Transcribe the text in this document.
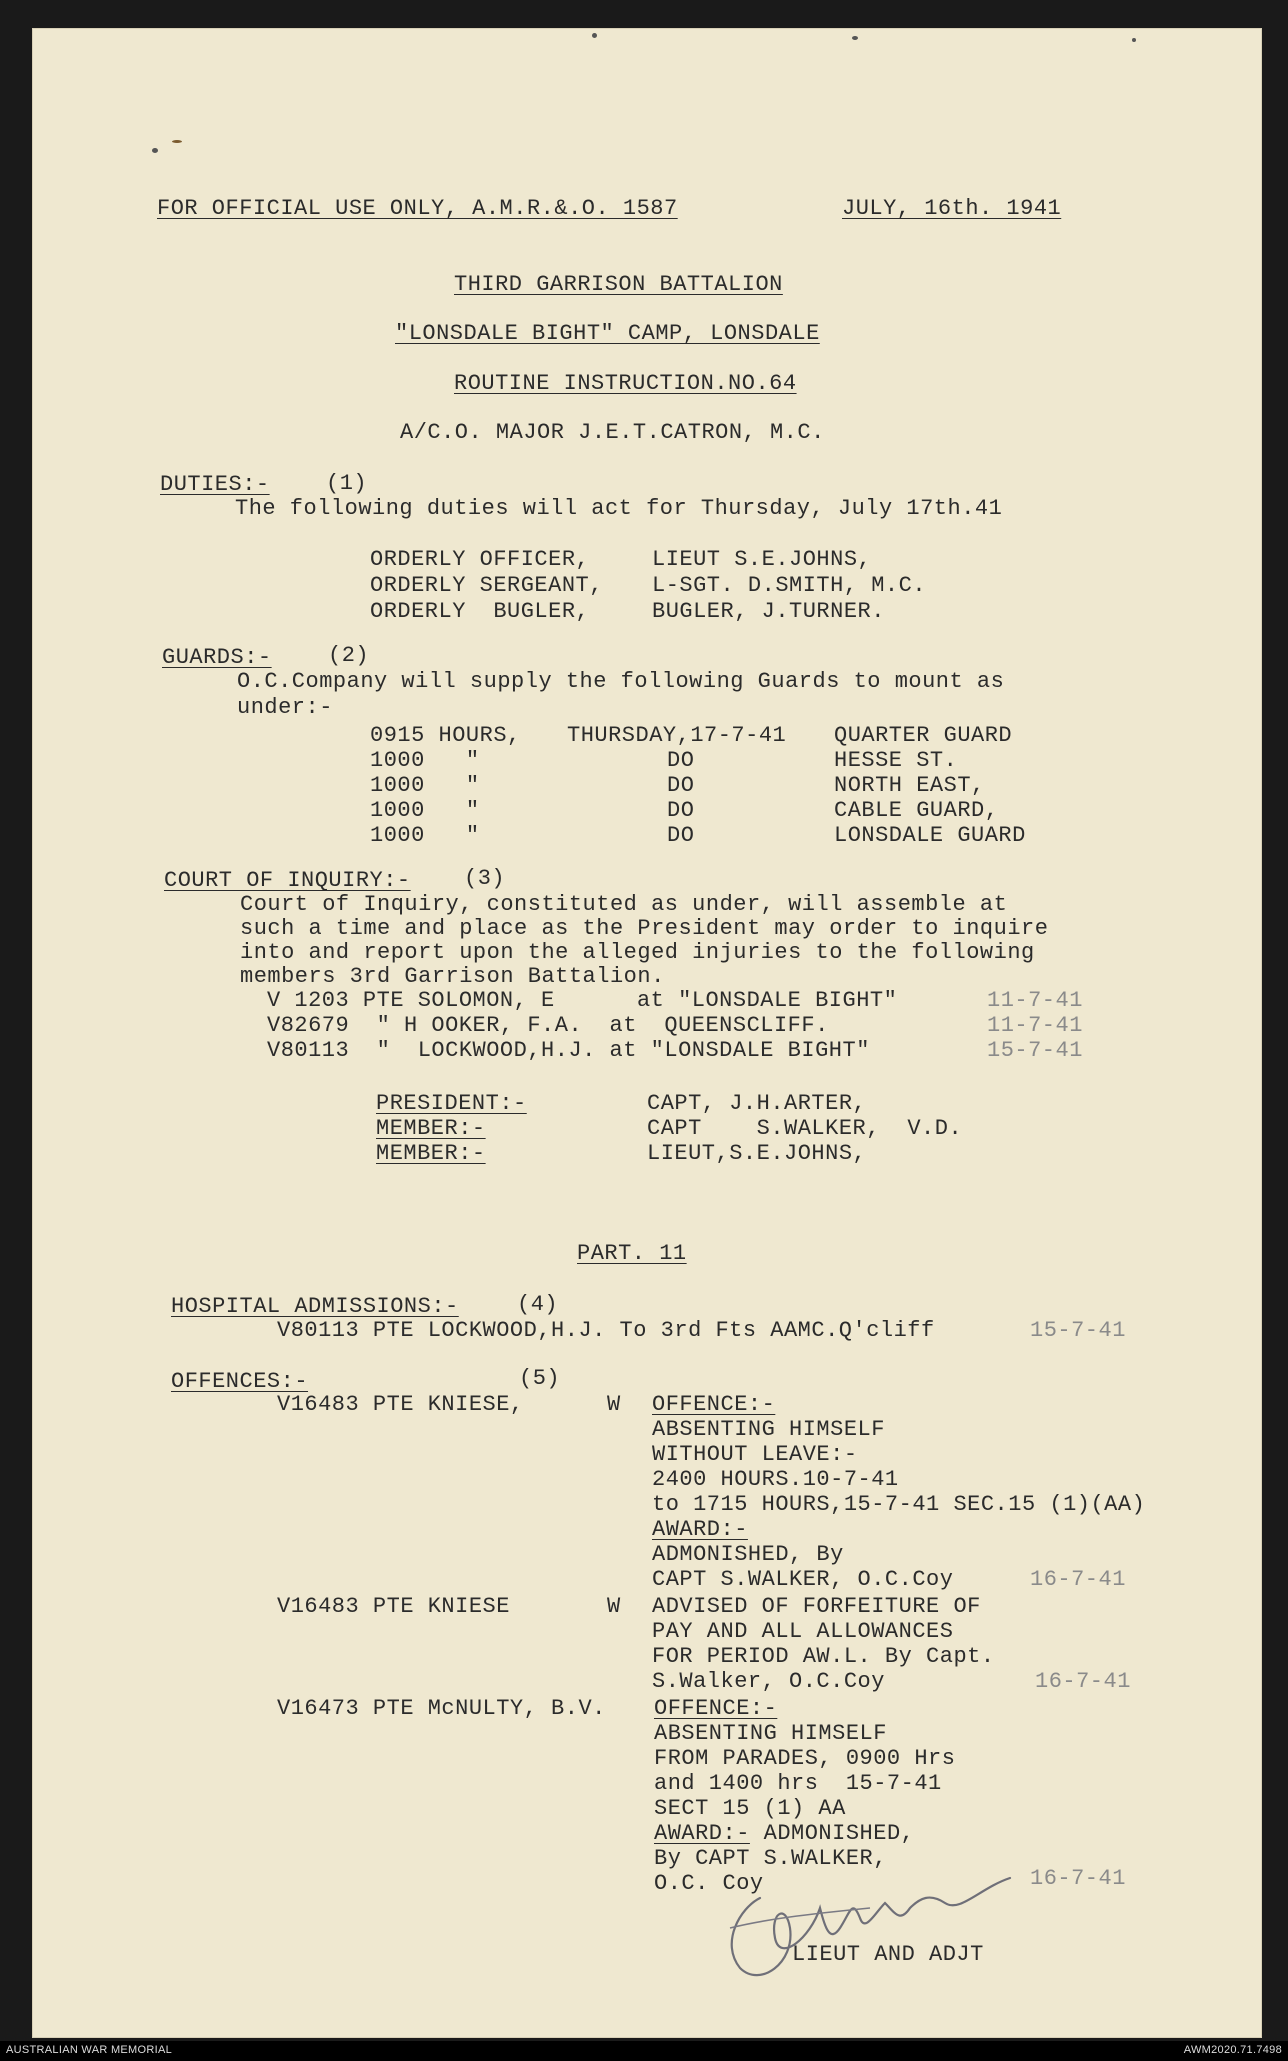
FOR OFFICIAL USE ONLY, A.M.R.&.O. 1587	JULY, 16th. 1941
THIRD GARRISON BATTALION
"LONSDALE BIGHT" CAMP, LONSDALE
ROUTINE INSTRUCTION.NO.64
A/C.O. MAJOR J.E.T.CATRON, M.C.
DUTIES:-	(1)
The following duties will act for Thursday, July 17th.41
ORDERLY OFFICER,	LIEUT S.E.JOHNS,
ORDERLY SERGEANT, L-SGT. D.SMITH, M.C.
ORDERLY  BUGLER,	BUGLER, J.TURNER.
GUARDS:-	(2)
O.C.Company will supply the following Guards to mount as
under:-
0915 HOURS, THURSDAY,17-7-41 QUARTER GUARD
1000   "	DO	HESSE ST.
1000   "	DO	NORTH EAST,
1000   "	DO	CABLE GUARD,
1000   "	DO	LONSDALE GUARD
COURT OF INQUIRY:- (3)
Court of Inquiry, constituted as under, will assemble at
such a time and place as the President may order to inquire
into and report upon the alleged injuries to the following
members 3rd Garrison Battalion.
V 1203 PTE SOLOMON, E      at "LONSDALE BIGHT"	11-7-41
V82679  " H OOKER, F.A.  at  QUEENSCLIFF.	11-7-41
V80113  "  LOCKWOOD,H.J. at "LONSDALE BIGHT"	15-7-41
PRESIDENT:-	CAPT, J.H.ARTER,
MEMBER:-	CAPT    S.WALKER,  V.D.
MEMBER:-	LIEUT,S.E.JOHNS,
PART. 11
HOSPITAL ADMISSIONS:-	(4)
V80113 PTE LOCKWOOD,H.J. To 3rd Fts AAMC.Q'cliff	15-7-41
OFFENCES:-	(5)
V16483 PTE KNIESE,	W OFFENCE:-
ABSENTING HIMSELF
WITHOUT LEAVE:-
2400 HOURS.10-7-41
to 1715 HOURS,15-7-41 SEC.15 (1)(AA)
AWARD:-
ADMONISHED, By
CAPT S.WALKER, O.C.Coy	16-7-41
V16483 PTE KNIESE	W ADVISED OF FORFEITURE OF
PAY AND ALL ALLOWANCES
FOR PERIOD AW.L. By Capt.
S.Walker, O.C.Coy	16-7-41
V16473 PTE McNULTY, B.V. OFFENCE:-
ABSENTING HIMSELF
FROM PARADES, 0900 Hrs
and 1400 hrs  15-7-41
SECT 15 (1) AA
AWARD:- ADMONISHED,
By CAPT S.WALKER,
O.C. Coy	16-7-41
LIEUT AND ADJT
AUSTRALIAN WAR MEMORIAL	AWM2020.71.7498
